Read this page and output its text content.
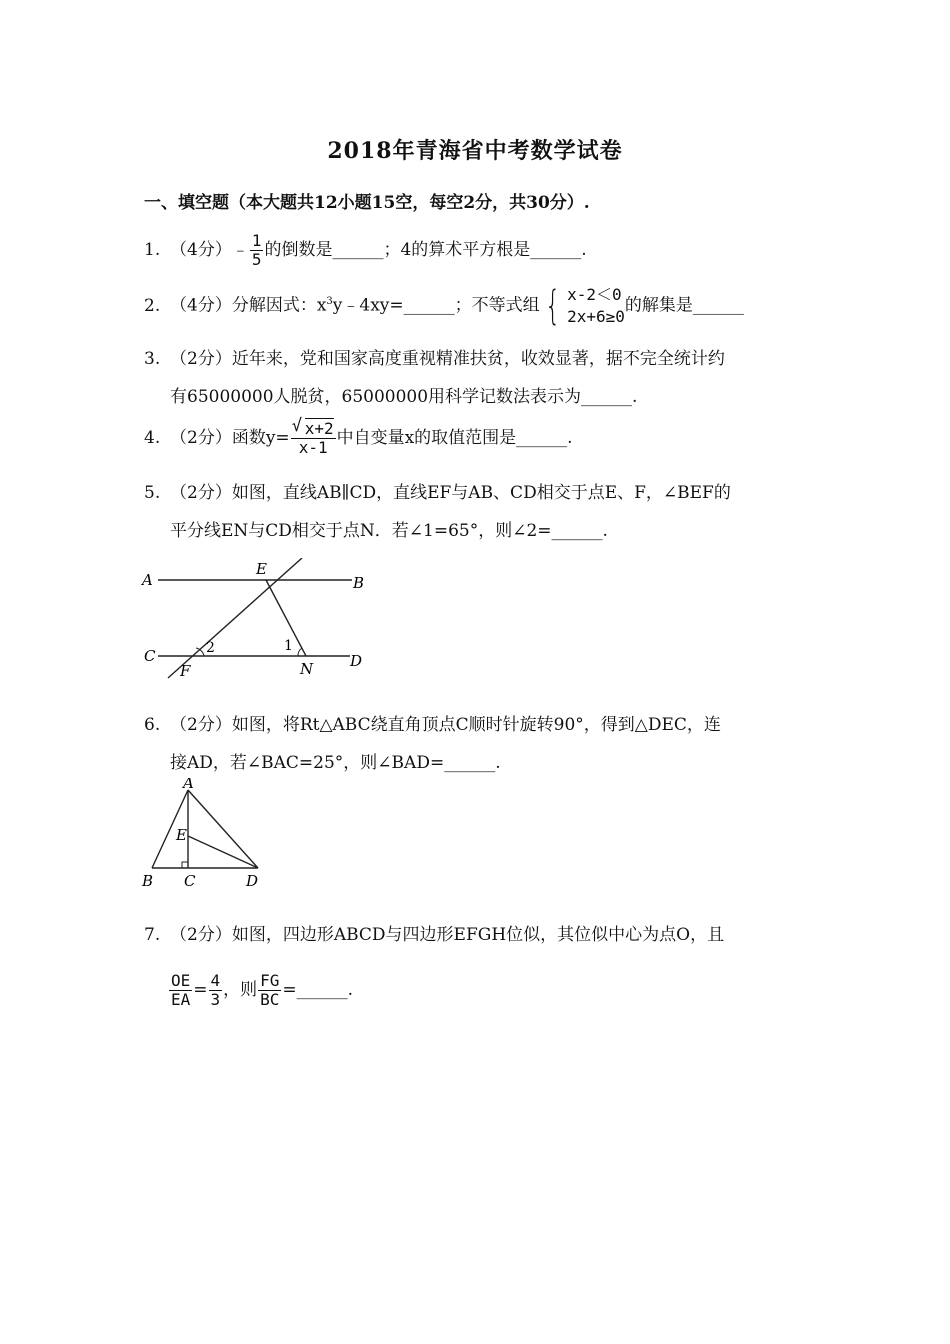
2018年青海省中考数学试卷
一、填空题（本大题共12小题15空，每空2分，共30分）.
1. （4分）﹣ $\frac{1}{5}$ 的倒数是______；4的算术平方根是______.
2. （4分）分解因式：$x^3y﹣4xy=\_\_\_\_\_\_$；不等式组 { x-2＜0
2x+6≥0
的解集是______
3. （2分）近年来，党和国家高度重视精准扶贫，收效显著，据不完全统计约
有65000000人脱贫，65000000用科学记数法表示为______.
4. （2分）函数y=
√ $\frac{x+2}{x-1}$ 中自变量x的取值范围是______.
5. （2分）如图，直线AB∥CD，直线EF与AB、CD相交于点E、F，∠BEF的
平分线EN与CD相交于点N．若∠1=65°，则∠2=______.
A	B
E
C	D
F	N
2	1
6. （2分）如图，将Rt△ABC绕直角顶点C顺时针旋转90°，得到△DEC，连
接AD，若∠BAC=25°，则∠BAD=______.
A
E
B C	D
7. （2分）如图，四边形ABCD与四边形EFGH位似，其位似中心为点O，且
$\frac{OE}{EA} = \frac{4}{3}$ ，则 $\frac{FG}{BC}$ =______.
